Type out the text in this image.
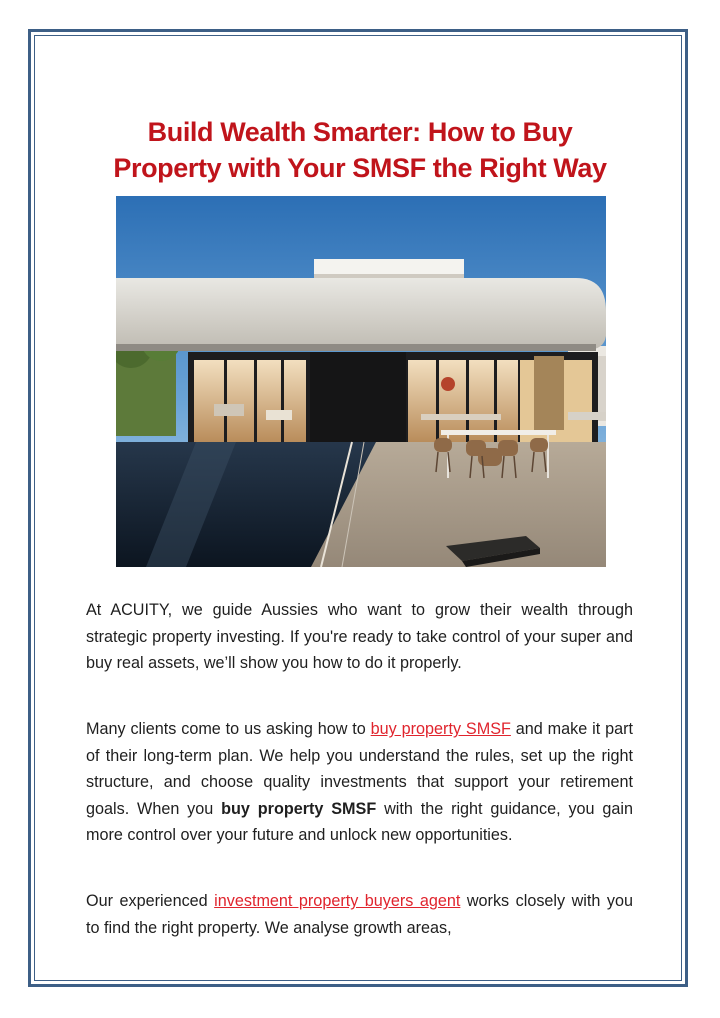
Build Wealth Smarter: How to Buy
Property with Your SMSF the Right Way

At ACUITY, we guide Aussies who want to grow their wealth through strategic property investing. If you're ready to take control of your super and buy real assets, we’ll show you how to do it properly.

Many clients come to us asking how to buy property SMSF and make it part of their long-term plan. We help you understand the rules, set up the right structure, and choose quality investments that support your retirement goals. When you buy property SMSF with the right guidance, you gain more control over your future and unlock new opportunities.

Our experienced investment property buyers agent works closely with you to find the right property. We analyse growth areas,
